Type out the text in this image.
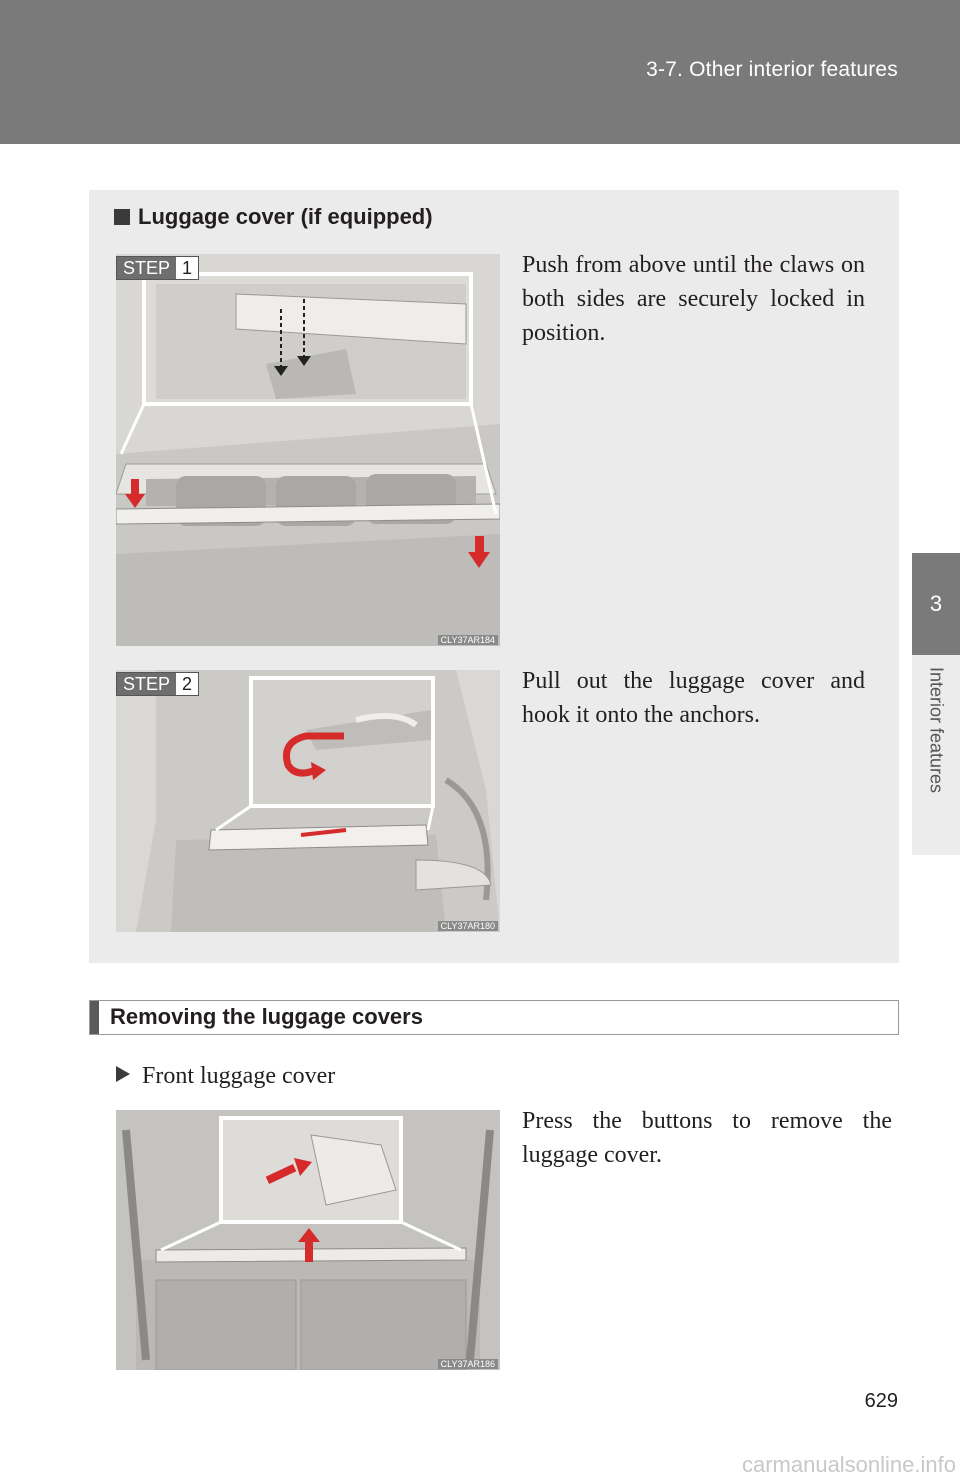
3-7. Other interior features
3
Interior features
Luggage cover (if equipped)
STEP 1
CLY37AR184
Push from above until the claws on both sides are securely locked in position.
STEP 2
CLY37AR180
Pull out the luggage cover and hook it onto the anchors.
Removing the luggage covers
Front luggage cover
CLY37AR186
Press the buttons to remove the luggage cover.
629
carmanualsonline.info
